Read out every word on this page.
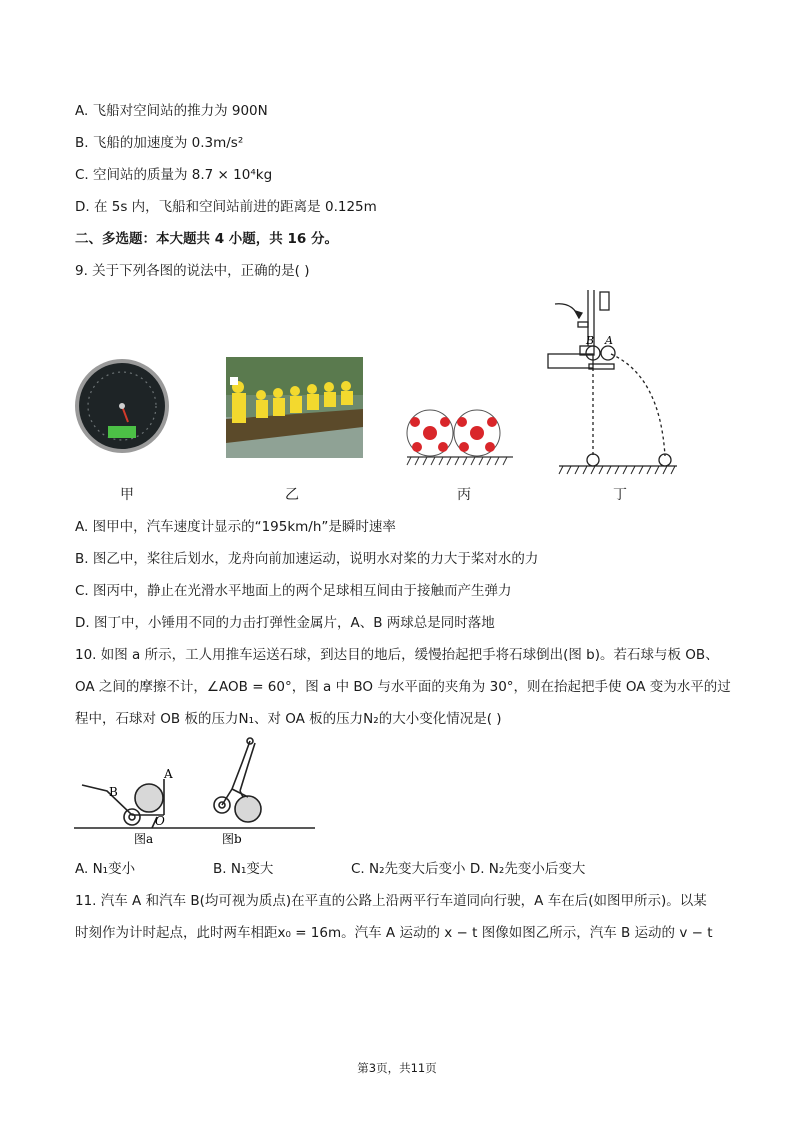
A. 飞船对空间站的推力为 900N
B. 飞船的加速度为 0.3m/s²
C. 空间站的质量为 8.7 × 10⁴kg
D. 在 5s 内，飞船和空间站前进的距离是 0.125m
二、多选题：本大题共 4 小题，共 16 分。
9. 关于下列各图的说法中，正确的是( )
B A
甲	乙	丙	丁
A. 图甲中，汽车速度计显示的“195km/h”是瞬时速率
B. 图乙中，桨往后划水，龙舟向前加速运动，说明水对桨的力大于桨对水的力
C. 图丙中，静止在光滑水平地面上的两个足球相互间由于接触而产生弹力
D. 图丁中，小锤用不同的力击打弹性金属片，A、B 两球总是同时落地
10. 如图 a 所示，工人用推车运送石球，到达目的地后，缓慢抬起把手将石球倒出(图 b)。若石球与板 OB、
OA 之间的摩擦不计，∠AOB = 60°，图 a 中 BO 与水平面的夹角为 30°，则在抬起把手使 OA 变为水平的过
程中，石球对 OB 板的压力N₁、对 OA 板的压力N₂的大小变化情况是( )
A
B
O
图a	图b
A. N₁变小	B. N₁变大	C. N₂先变大后变小 D. N₂先变小后变大
11. 汽车 A 和汽车 B(均可视为质点)在平直的公路上沿两平行车道同向行驶，A 车在后(如图甲所示)。以某
时刻作为计时起点，此时两车相距x₀ = 16m。汽车 A 运动的 x − t 图像如图乙所示，汽车 B 运动的 v − t
第3页，共11页
